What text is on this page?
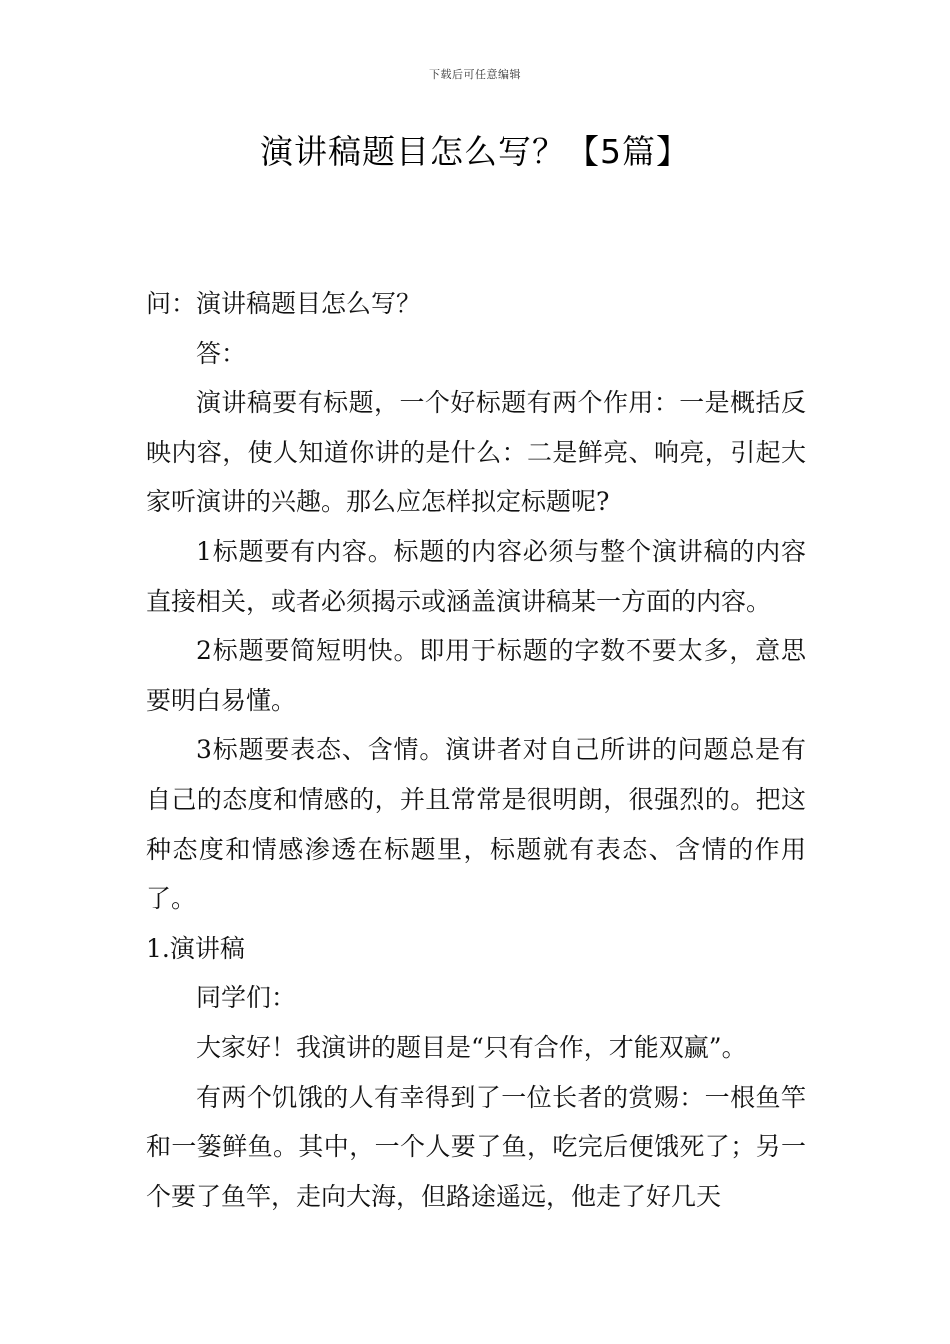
下载后可任意编辑
演讲稿题目怎么写？【5篇】

问：演讲稿题目怎么写？

答：

演讲稿要有标题，一个好标题有两个作用：一是概括反映内容，使人知道你讲的是什么：二是鲜亮、响亮，引起大家听演讲的兴趣。那么应怎样拟定标题呢?

1标题要有内容。标题的内容必须与整个演讲稿的内容直接相关，或者必须揭示或涵盖演讲稿某一方面的内容。

2标题要简短明快。即用于标题的字数不要太多，意思要明白易懂。

3标题要表态、含情。演讲者对自己所讲的问题总是有自己的态度和情感的，并且常常是很明朗，很强烈的。把这种态度和情感渗透在标题里，标题就有表态、含情的作用了。

1.演讲稿

同学们：

大家好！我演讲的题目是“只有合作，才能双赢”。

有两个饥饿的人有幸得到了一位长者的赏赐：一根鱼竿和一篓鲜鱼。其中，一个人要了鱼，吃完后便饿死了；另一个要了鱼竿，走向大海，但路途遥远，他走了好几天
